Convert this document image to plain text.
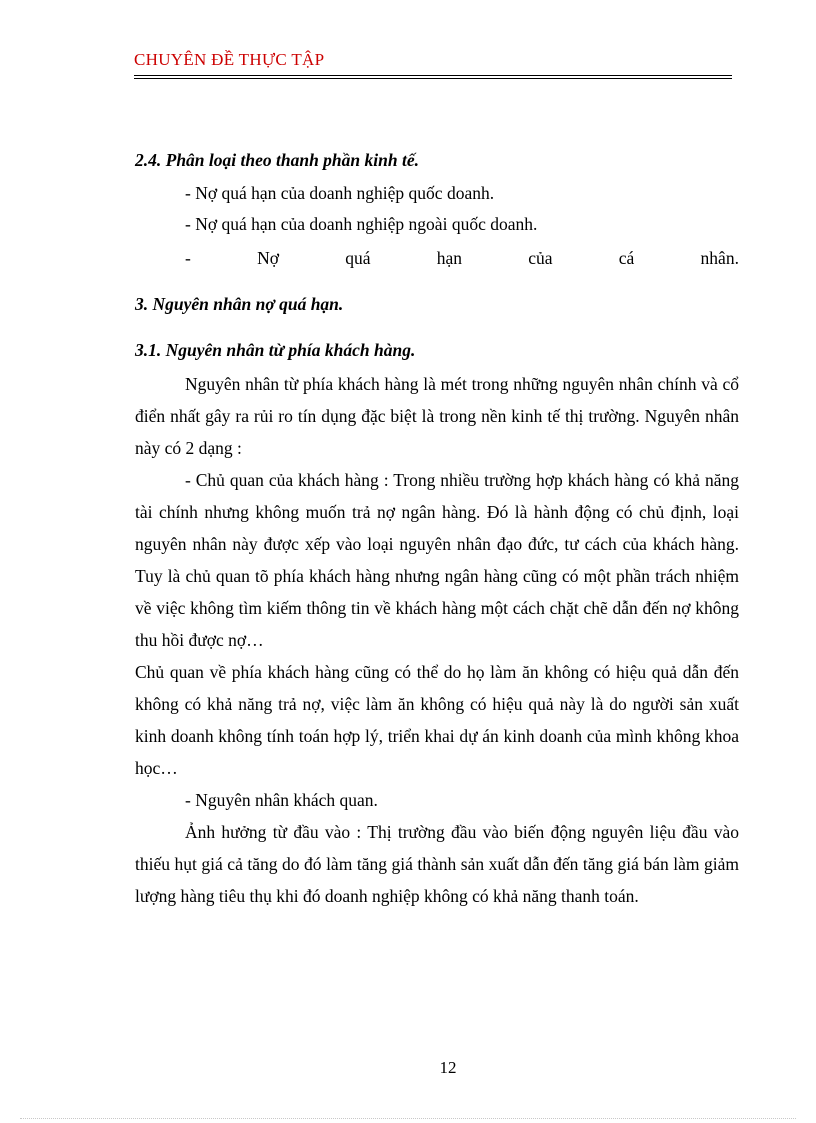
CHUYÊN ĐỀ THỰC TẬP

2.4. Phân loại theo thanh phần kinh tế.

- Nợ quá hạn của doanh nghiệp quốc doanh.

- Nợ quá hạn của doanh nghiệp ngoài quốc doanh.

-	Nợ	quá	hạn	của	cá	nhân.

3. Nguyên nhân nợ quá hạn.

3.1. Nguyên nhân từ phía khách hàng.

Nguyên nhân từ phía khách hàng là mét trong những nguyên nhân chính và cổ điển nhất gây ra rủi ro tín dụng đặc biệt là trong nền kinh tế thị trường. Nguyên nhân này có 2 dạng :

- Chủ quan của khách hàng : Trong nhiều trường hợp khách hàng có khả năng tài chính nhưng không muốn trả nợ ngân hàng. Đó là hành động có chủ định, loại nguyên nhân này được xếp vào loại nguyên nhân đạo đức, tư cách của khách hàng. Tuy là chủ quan tõ phía khách hàng nhưng ngân hàng cũng có một phần trách nhiệm về việc không tìm kiếm thông tin về khách hàng một cách chặt chẽ dẫn đến nợ không thu hồi được nợ…

Chủ quan về phía khách hàng cũng có thể do họ làm ăn không có hiệu quả dẫn đến không có khả năng trả nợ, việc làm ăn không có hiệu quả này là do người sản xuất kinh doanh không tính toán hợp lý, triển khai dự án kinh doanh của mình không khoa học…

- Nguyên nhân khách quan.

Ảnh hưởng từ đầu vào : Thị trường đầu vào biến động nguyên liệu đầu vào thiếu hụt giá cả tăng do đó làm tăng giá thành sản xuất dẫn đến tăng giá bán làm giảm lượng hàng tiêu thụ khi đó doanh nghiệp không có khả năng thanh toán.

12
